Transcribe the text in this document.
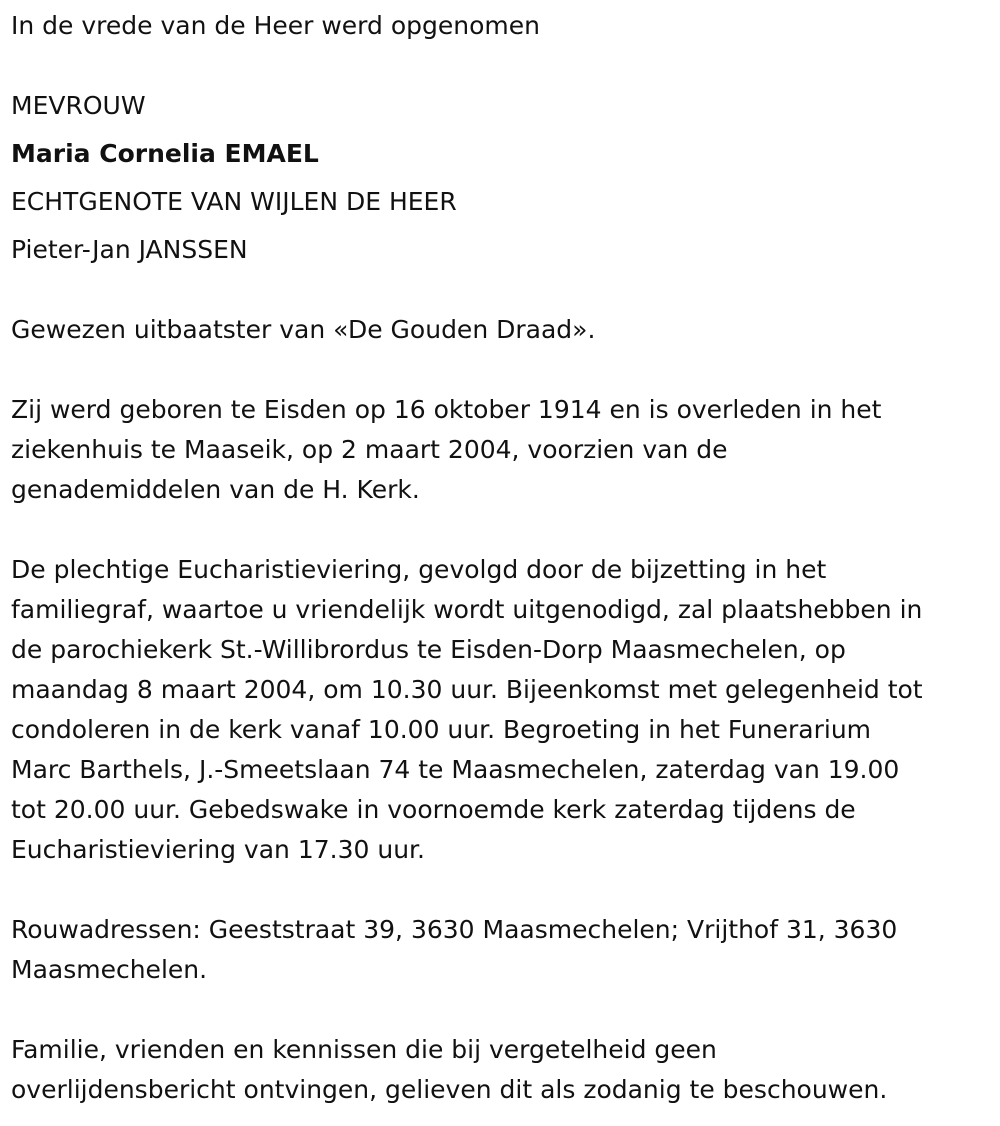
In de vrede van de Heer werd opgenomen
MEVROUW
Maria Cornelia EMAEL
ECHTGENOTE VAN WIJLEN DE HEER
Pieter-Jan JANSSEN
Gewezen uitbaatster van «De Gouden Draad».
Zij werd geboren te Eisden op 16 oktober 1914 en is overleden in het
ziekenhuis te Maaseik, op 2 maart 2004, voorzien van de
genademiddelen van de H. Kerk.
De plechtige Eucharistieviering, gevolgd door de bijzetting in het
familiegraf, waartoe u vriendelijk wordt uitgenodigd, zal plaatshebben in
de parochiekerk St.-Willibrordus te Eisden-Dorp Maasmechelen, op
maandag 8 maart 2004, om 10.30 uur. Bijeenkomst met gelegenheid tot
condoleren in de kerk vanaf 10.00 uur. Begroeting in het Funerarium
Marc Barthels, J.-Smeetslaan 74 te Maasmechelen, zaterdag van 19.00
tot 20.00 uur. Gebedswake in voornoemde kerk zaterdag tijdens de
Eucharistieviering van 17.30 uur.
Rouwadressen: Geeststraat 39, 3630 Maasmechelen; Vrijthof 31, 3630
Maasmechelen.
Familie, vrienden en kennissen die bij vergetelheid geen
overlijdensbericht ontvingen, gelieven dit als zodanig te beschouwen.
